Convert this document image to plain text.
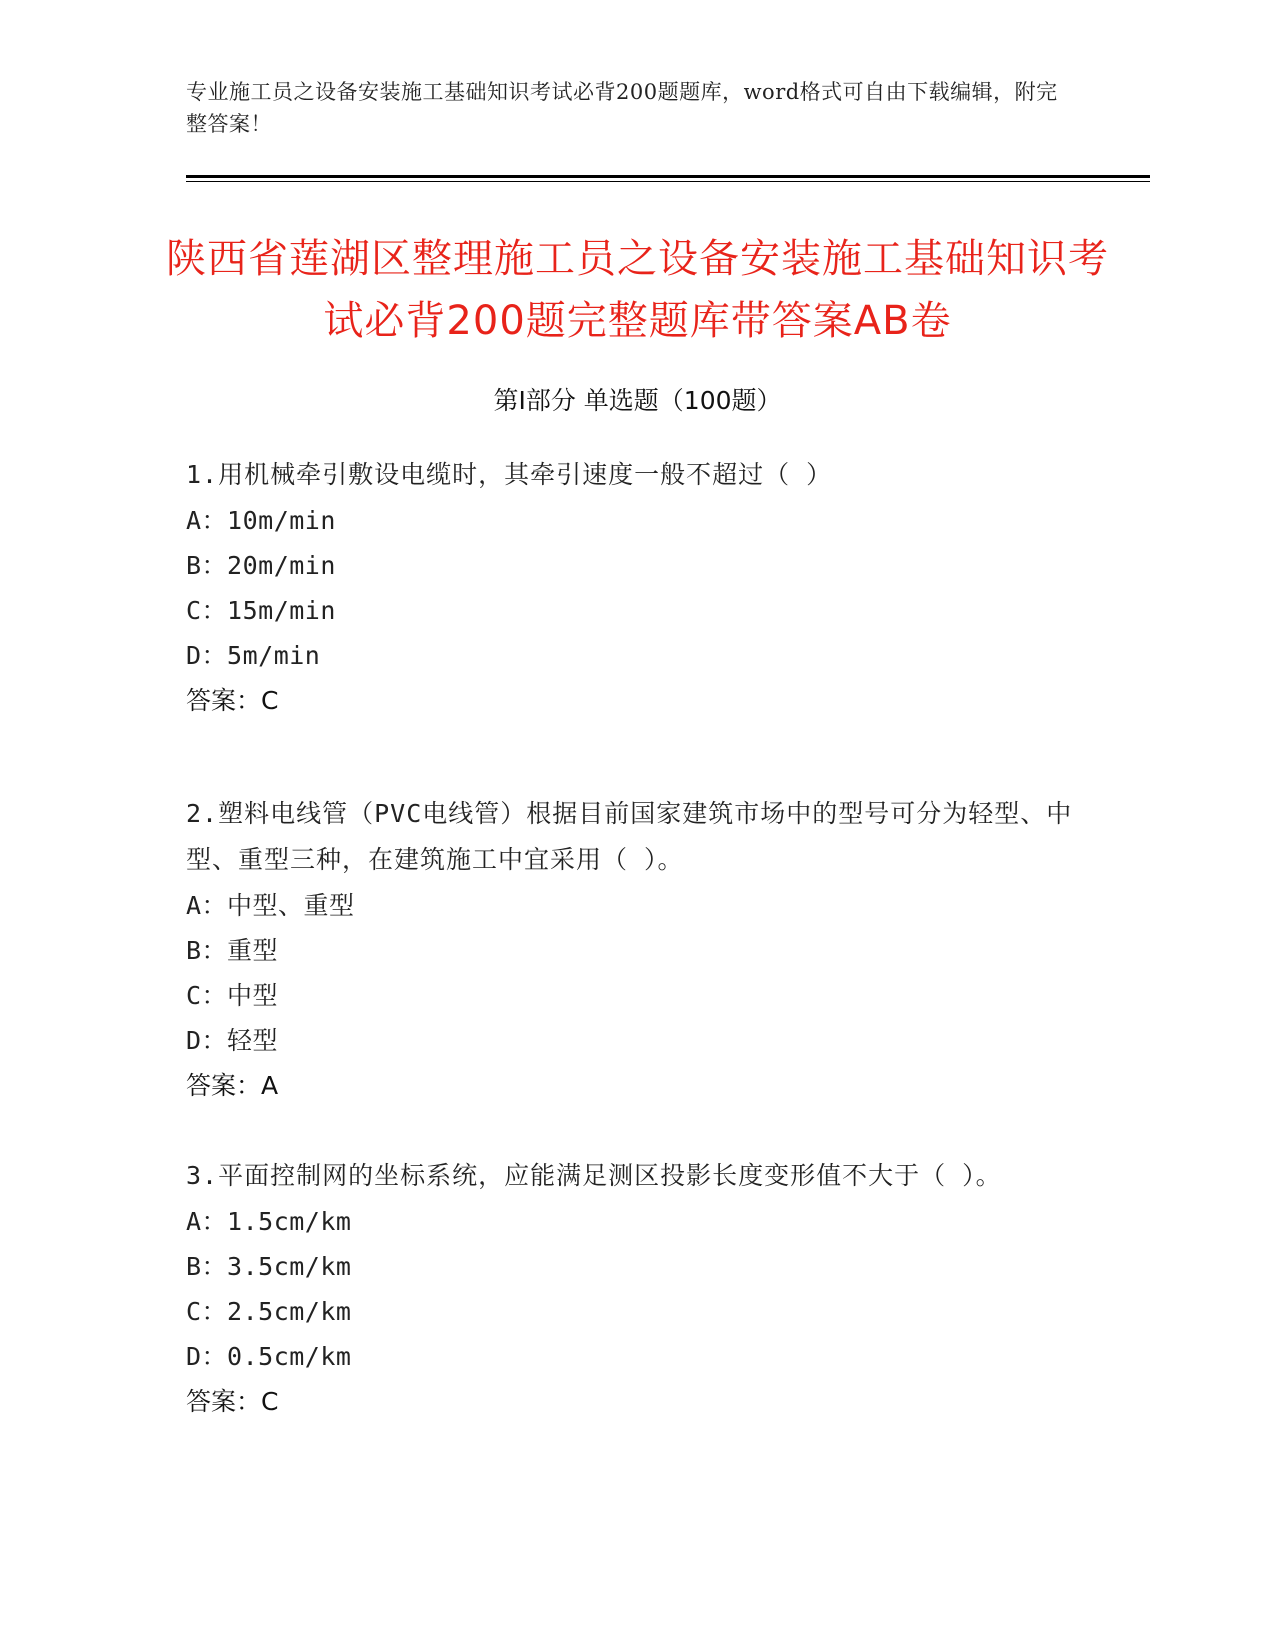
专业施工员之设备安装施工基础知识考试必背200题题库，word格式可自由下载编辑，附完整答案！
陕西省莲湖区整理施工员之设备安装施工基础知识考试必背200题完整题库带答案AB卷
第Ⅰ部分 单选题（100题）
1.用机械牵引敷设电缆时，其牵引速度一般不超过（ ）
A：10m/min
B：20m/min
C：15m/min
D：5m/min
答案：C
2.塑料电线管（PVC电线管）根据目前国家建筑市场中的型号可分为轻型、中型、重型三种，在建筑施工中宜采用（ ）。
A：中型、重型
B：重型
C：中型
D：轻型
答案：A
3.平面控制网的坐标系统，应能满足测区投影长度变形值不大于（ ）。
A：1.5cm/km
B：3.5cm/km
C：2.5cm/km
D：0.5cm/km
答案：C
